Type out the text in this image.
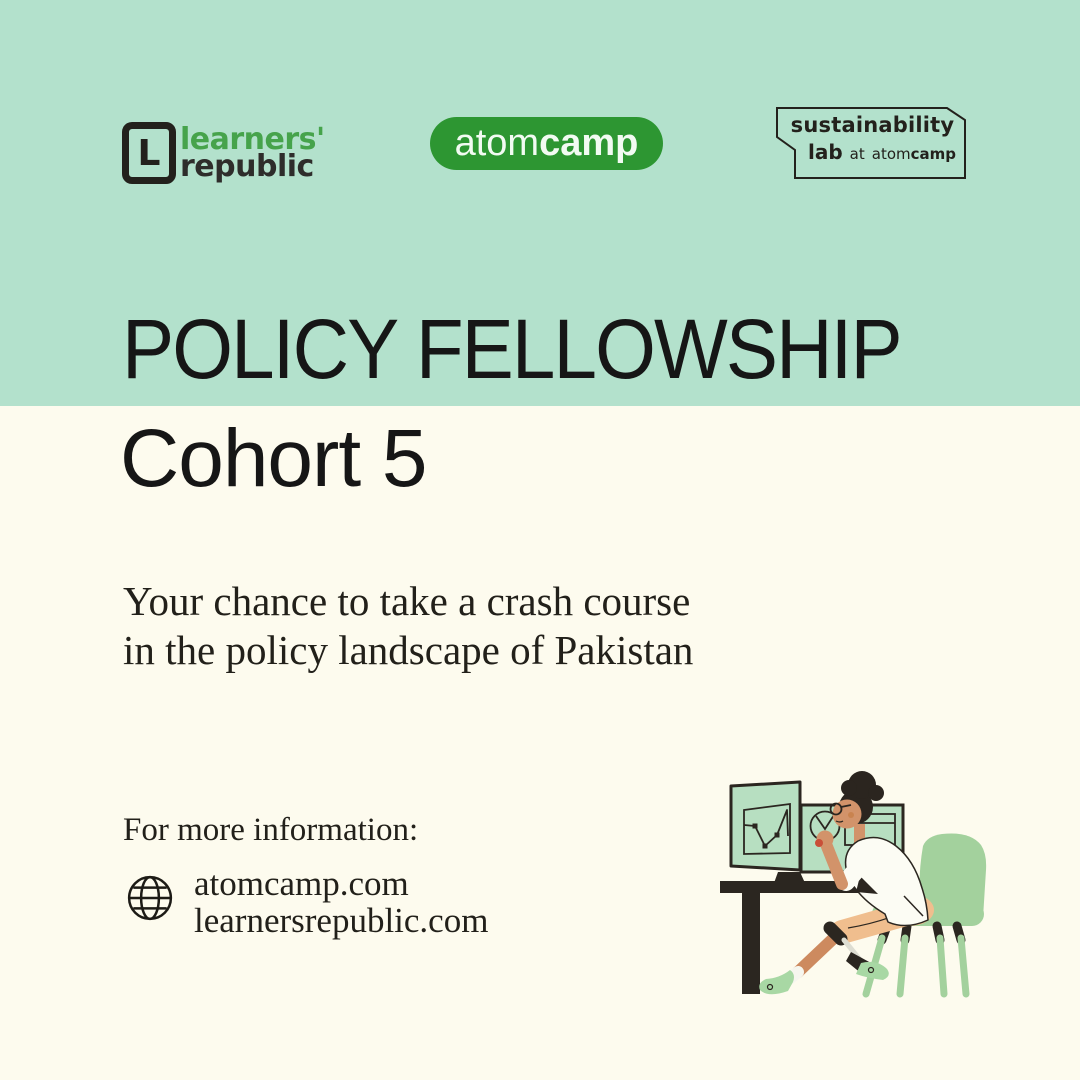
L learners'
republic
atom camp	sustainability
lab at atom camp
POLICY FELLOWSHIP
Cohort 5
Your chance to take a crash course
in the policy landscape of Pakistan
For more information:
atomcamp.com
learnersrepublic.com
